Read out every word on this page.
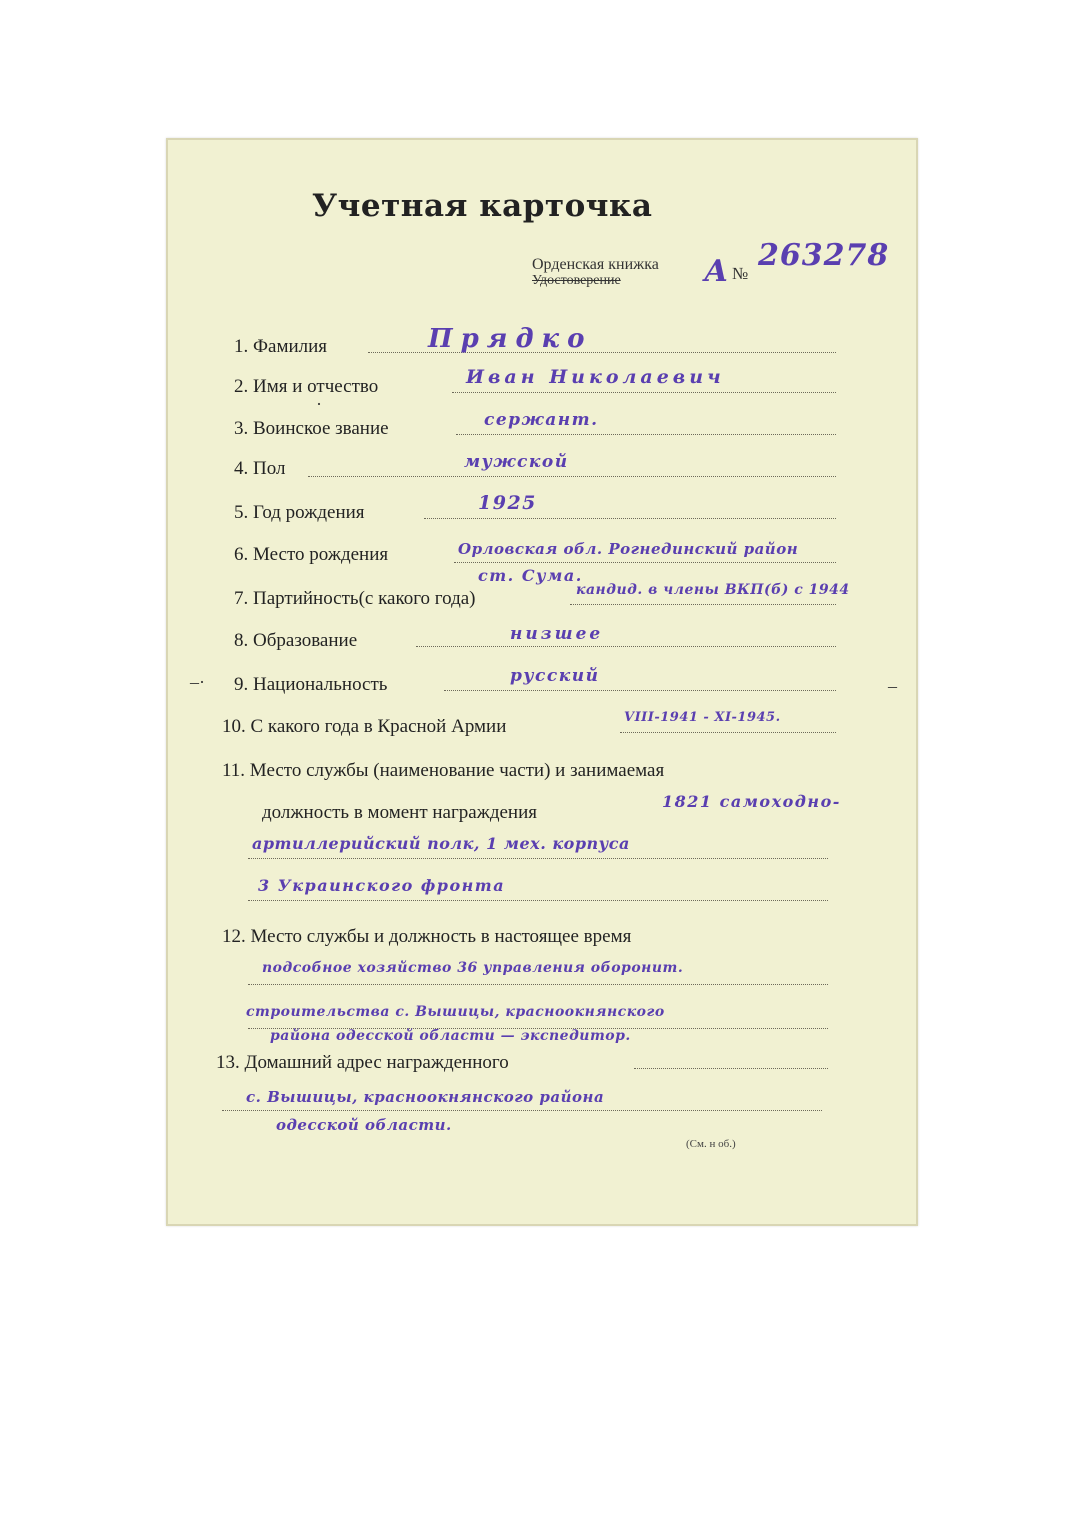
Учетная карточка
Орденская книжка
Удостоверение	№
А 263278
1. Фамилия	Прядко
2. Имя и отчество	Иван Николаевич
·
3. Воинское звание	сержант.
4. Пол	мужской
5. Год рождения	1925
6. Место рождения	Орловская обл. Рогнединский район
ст. Сума.
7. Партийность(с какого года)	кандид. в члены ВКП(б) с 1944
8. Образование	низшее
–· 9. Национальность	русский	–
10. С какого года в Красной Армии	VIII-1941 - XI-1945.
11. Место службы (наименование части) и занимаемая
должность в момент награждения
1821 самоходно-
артиллерийский полк, 1 мех. корпуса
3 Украинского фронта
12. Место службы и должность в настоящее время
подсобное хозяйство 36 управления оборонит.
строительства с. Вышицы, красноокнянского
района одесской области — экспедитор.
13. Домашний адрес награжденного
с. Вышицы, красноокнянского района
одесской области.
(См. н об.)
